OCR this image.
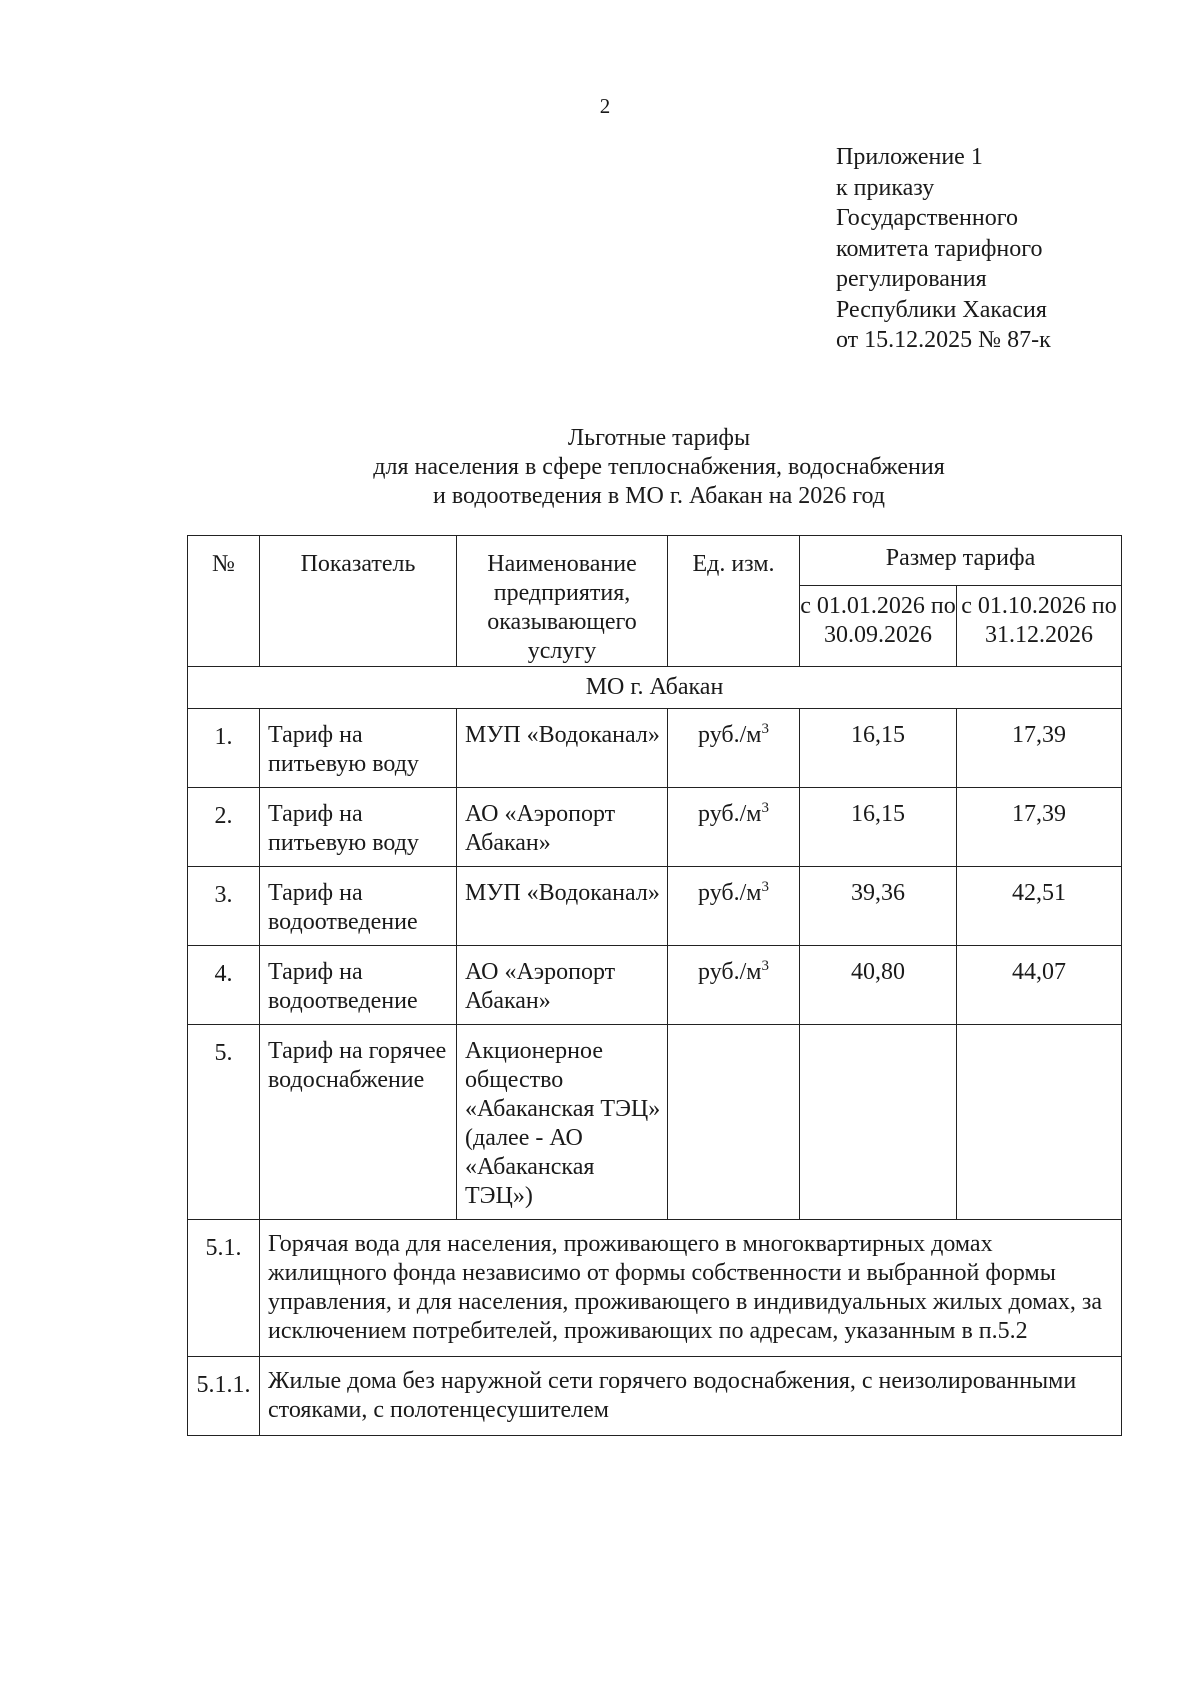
2
Приложение 1
к приказу
Государственного
комитета тарифного
регулирования
Республики Хакасия
от 15.12.2025 № 87-к
Льготные тарифы
для населения в сфере теплоснабжения, водоснабжения
и водоотведения в МО г. Абакан на 2026 год
№	Показатель	Наименование предприятия, оказывающего услугу	Ед. изм.	Размер тарифа	
				с 01.01.2026 по 30.09.2026	с 01.10.2026 по 31.12.2026
МО г. Абакан					
1.	Тариф на питьевую воду	МУП «Водоканал»	$руб./м^3$	16,15	17,39
2.	Тариф на питьевую воду	АО «Аэропорт Абакан»	$руб./м^3$	16,15	17,39
3.	Тариф на водоотведение	МУП «Водоканал»	$руб./м^3$	39,36	42,51
4.	Тариф на водоотведение	АО «Аэропорт Абакан»	$руб./м^3$	40,80	44,07
5.	Тариф на горячее водоснабжение	Акционерное общество «Абаканская ТЭЦ» (далее - АО «Абаканская ТЭЦ»)			
5.1.	Горячая вода для населения, проживающего в многоквартирных домах жилищного фонда независимо от формы собственности и выбранной формы управления, и для населения, проживающего в индивидуальных жилых домах, за исключением потребителей, проживающих по адресам, указанным в п.5.2				
5.1.1.	Жилые дома без наружной сети горячего водоснабжения, с неизолированными стояками, с полотенцесушителем				
